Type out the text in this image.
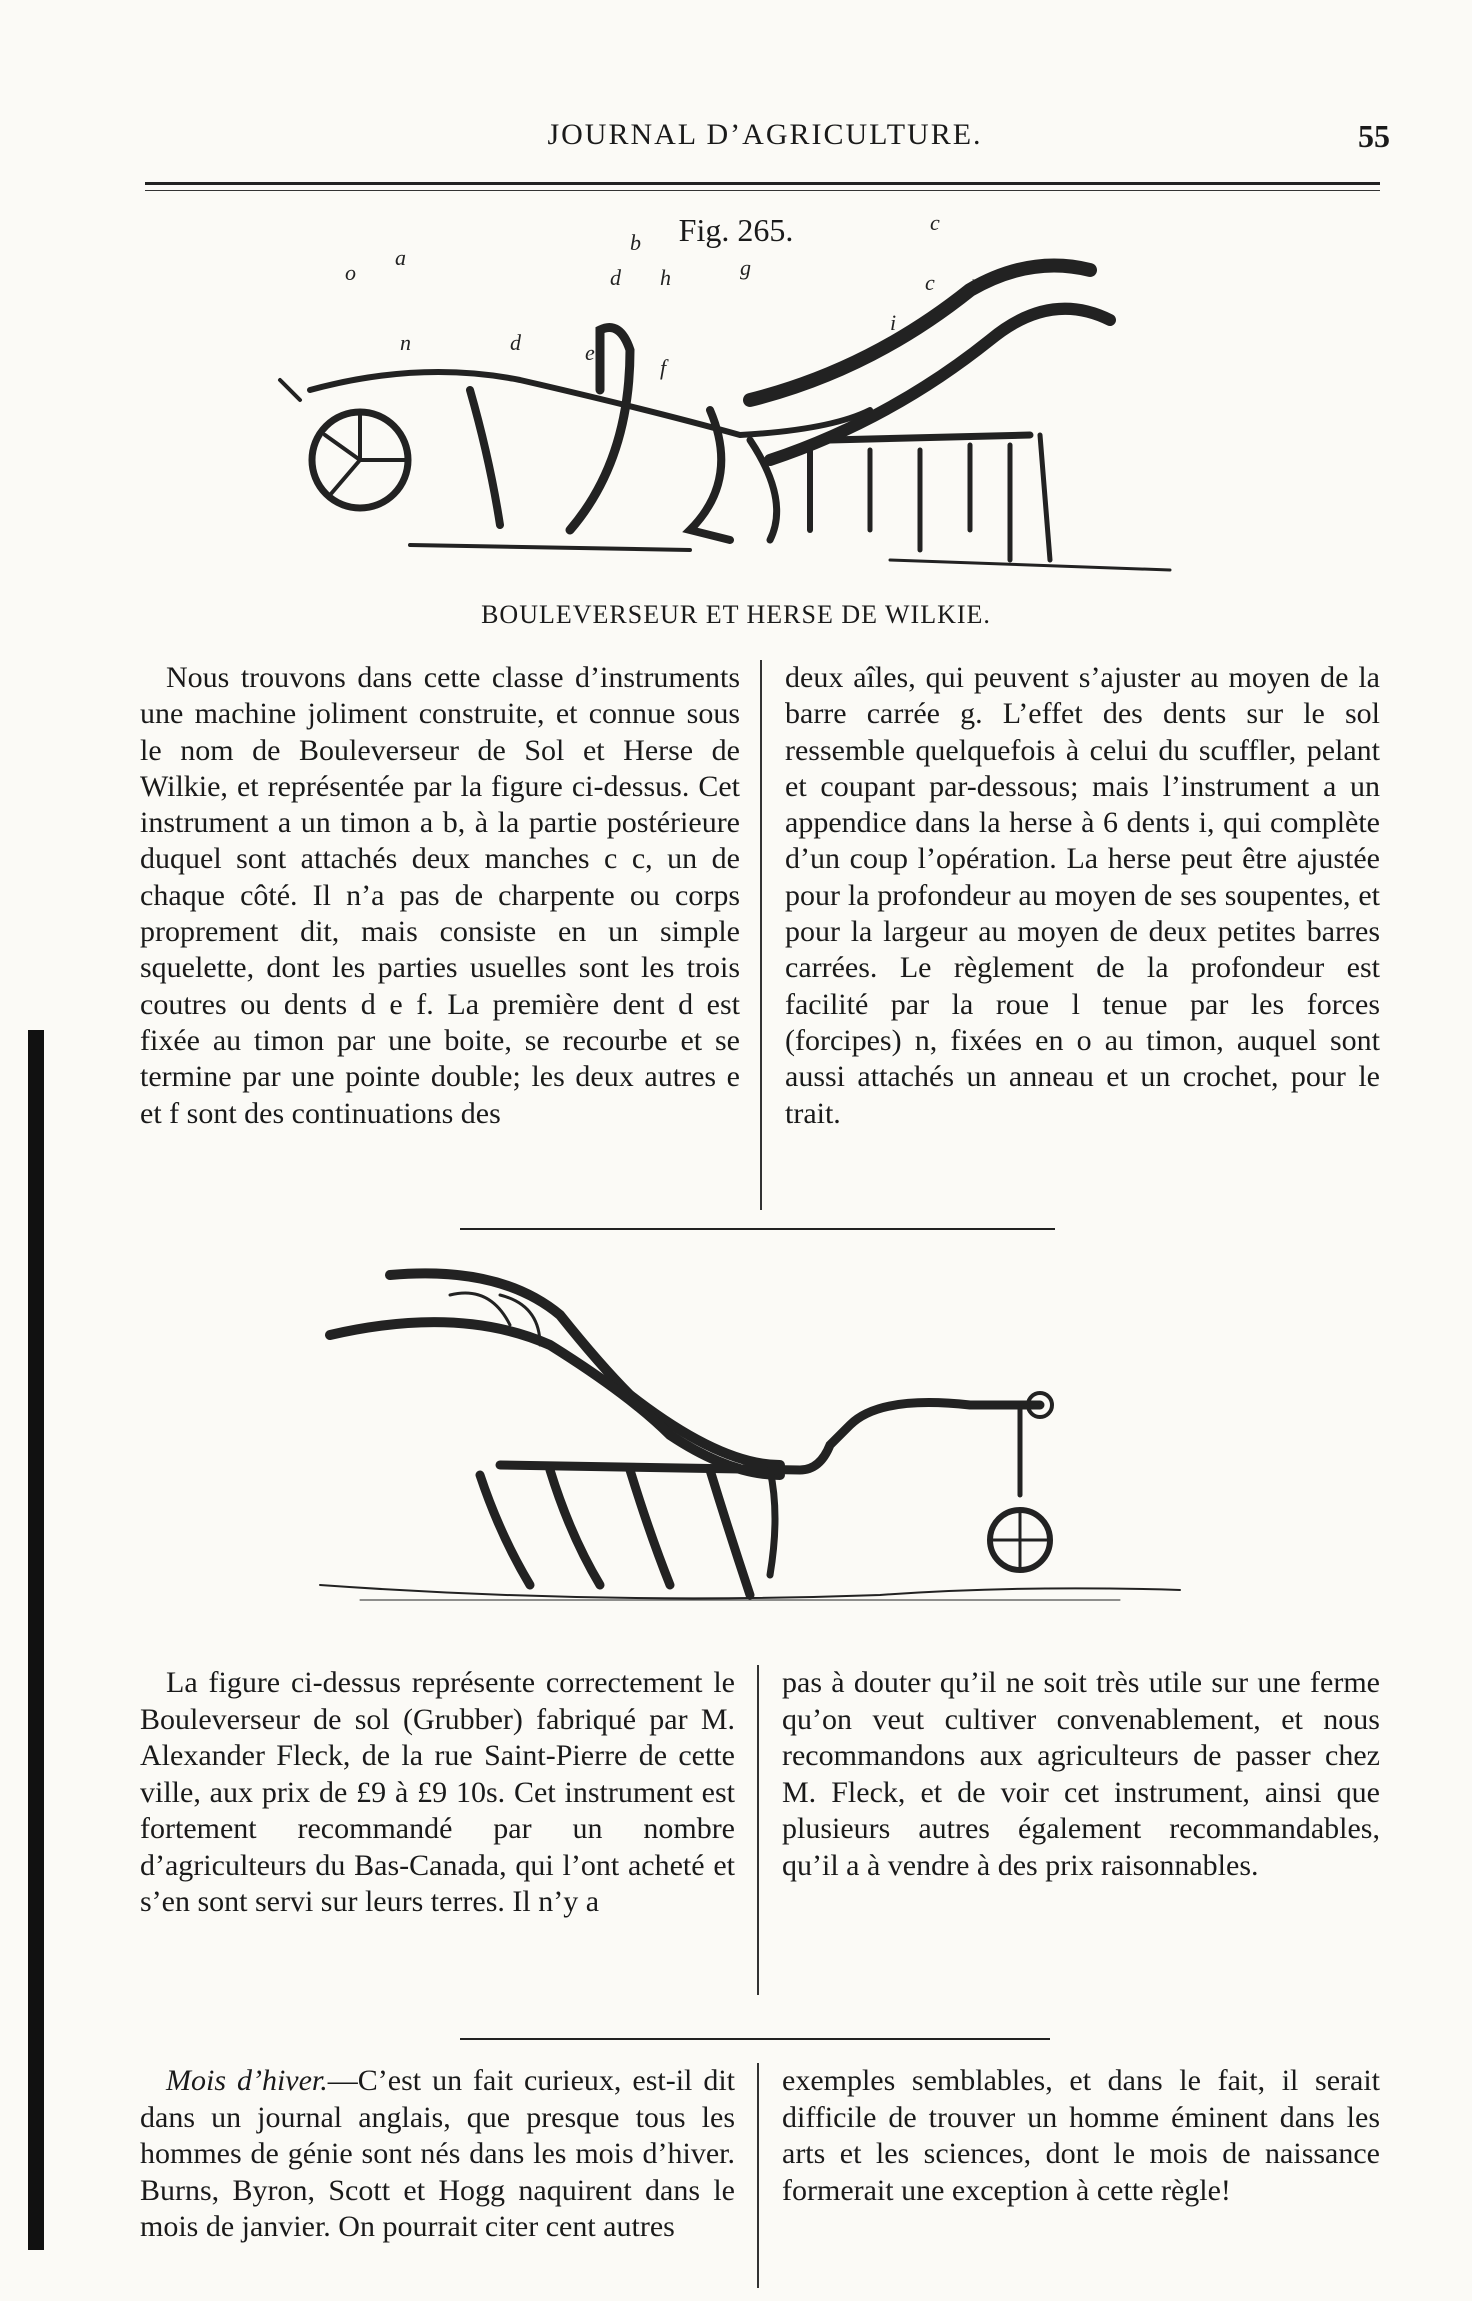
JOURNAL D’AGRICULTURE.	55
Fig. 265.
o
a
b
d h	g
c
c
n	d	e
f
i
l
BOULEVERSEUR ET HERSE DE WILKIE.

Nous trouvons dans cette classe d’instruments une machine joliment construite, et connue sous le nom de Bouleverseur de Sol et Herse de Wilkie, et représentée par la figure ci-dessus. Cet instrument a un timon a b, à la partie postérieure duquel sont attachés deux manches c c, un de chaque côté. Il n’a pas de charpente ou corps proprement dit, mais consiste en un simple squelette, dont les parties usuelles sont les trois coutres ou dents d e f. La première dent d est fixée au timon par une boite, se recourbe et se termine par une pointe double; les deux autres e et f sont des continuations des

deux aîles, qui peuvent s’ajuster au moyen de la barre carrée g. L’effet des dents sur le sol ressemble quelquefois à celui du scuffler, pelant et coupant par-dessous; mais l’instrument a un appendice dans la herse à 6 dents i, qui complète d’un coup l’opération. La herse peut être ajustée pour la profondeur au moyen de ses soupentes, et pour la largeur au moyen de deux petites barres carrées. Le règlement de la profondeur est facilité par la roue l tenue par les forces (forcipes) n, fixées en o au timon, auquel sont aussi attachés un anneau et un crochet, pour le trait.

La figure ci-dessus représente correctement le Bouleverseur de sol (Grubber) fabriqué par M. Alexander Fleck, de la rue Saint-Pierre de cette ville, aux prix de £9 à £9 10s. Cet instrument est fortement recommandé par un nombre d’agriculteurs du Bas-Canada, qui l’ont acheté et s’en sont servi sur leurs terres. Il n’y a

pas à douter qu’il ne soit très utile sur une ferme qu’on veut cultiver convenablement, et nous recommandons aux agriculteurs de passer chez M. Fleck, et de voir cet instrument, ainsi que plusieurs autres également recommandables, qu’il a à vendre à des prix raisonnables.

Mois d’hiver.—C’est un fait curieux, est-il dit dans un journal anglais, que presque tous les hommes de génie sont nés dans les mois d’hiver. Burns, Byron, Scott et Hogg naquirent dans le mois de janvier. On pourrait citer cent autres

exemples semblables, et dans le fait, il serait difficile de trouver un homme éminent dans les arts et les sciences, dont le mois de naissance formerait une exception à cette règle!
